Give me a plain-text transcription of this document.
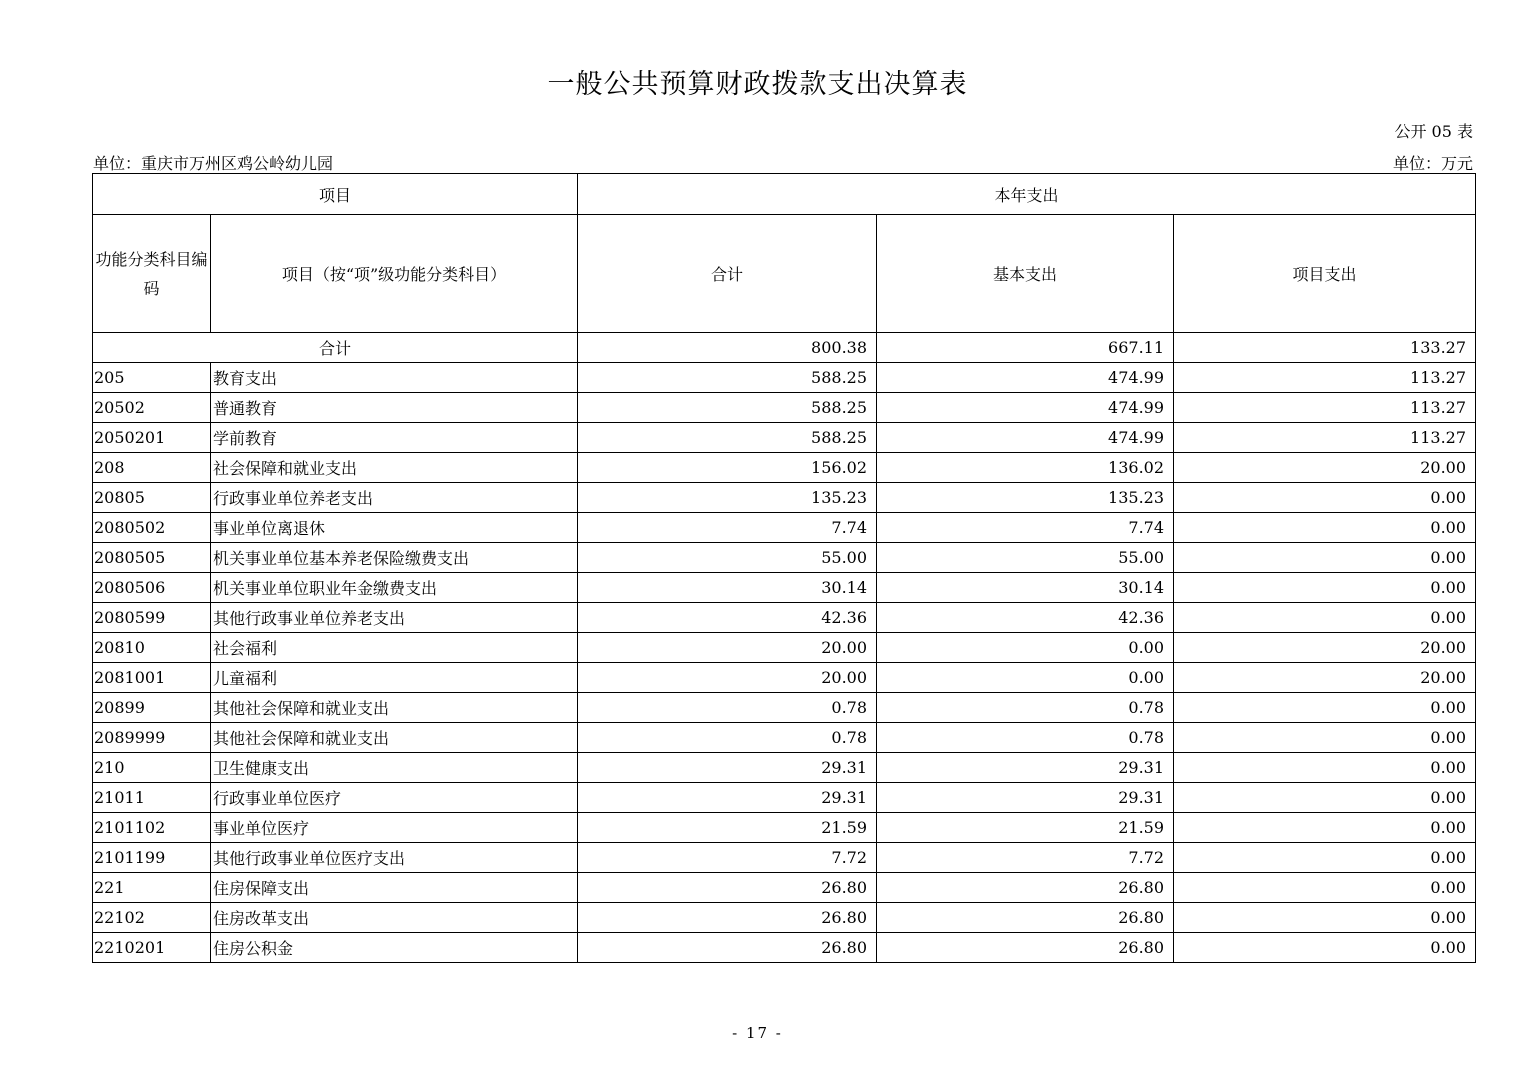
一般公共预算财政拨款支出决算表
公开 05 表
单位：重庆市万州区鸡公岭幼儿园	单位：万元
项目		本年支出		
功能分类科目编码	项目（按“项”级功能分类科目）	合计	基本支出	项目支出
合计		800.38	667.11	133.27
205	教育支出	588.25	474.99	113.27
20502	普通教育	588.25	474.99	113.27
2050201	学前教育	588.25	474.99	113.27
208	社会保障和就业支出	156.02	136.02	20.00
20805	行政事业单位养老支出	135.23	135.23	0.00
2080502	事业单位离退休	7.74	7.74	0.00
2080505	机关事业单位基本养老保险缴费支出	55.00	55.00	0.00
2080506	机关事业单位职业年金缴费支出	30.14	30.14	0.00
2080599	其他行政事业单位养老支出	42.36	42.36	0.00
20810	社会福利	20.00	0.00	20.00
2081001	儿童福利	20.00	0.00	20.00
20899	其他社会保障和就业支出	0.78	0.78	0.00
2089999	其他社会保障和就业支出	0.78	0.78	0.00
210	卫生健康支出	29.31	29.31	0.00
21011	行政事业单位医疗	29.31	29.31	0.00
2101102	事业单位医疗	21.59	21.59	0.00
2101199	其他行政事业单位医疗支出	7.72	7.72	0.00
221	住房保障支出	26.80	26.80	0.00
22102	住房改革支出	26.80	26.80	0.00
2210201	住房公积金	26.80	26.80	0.00
- 17 -
